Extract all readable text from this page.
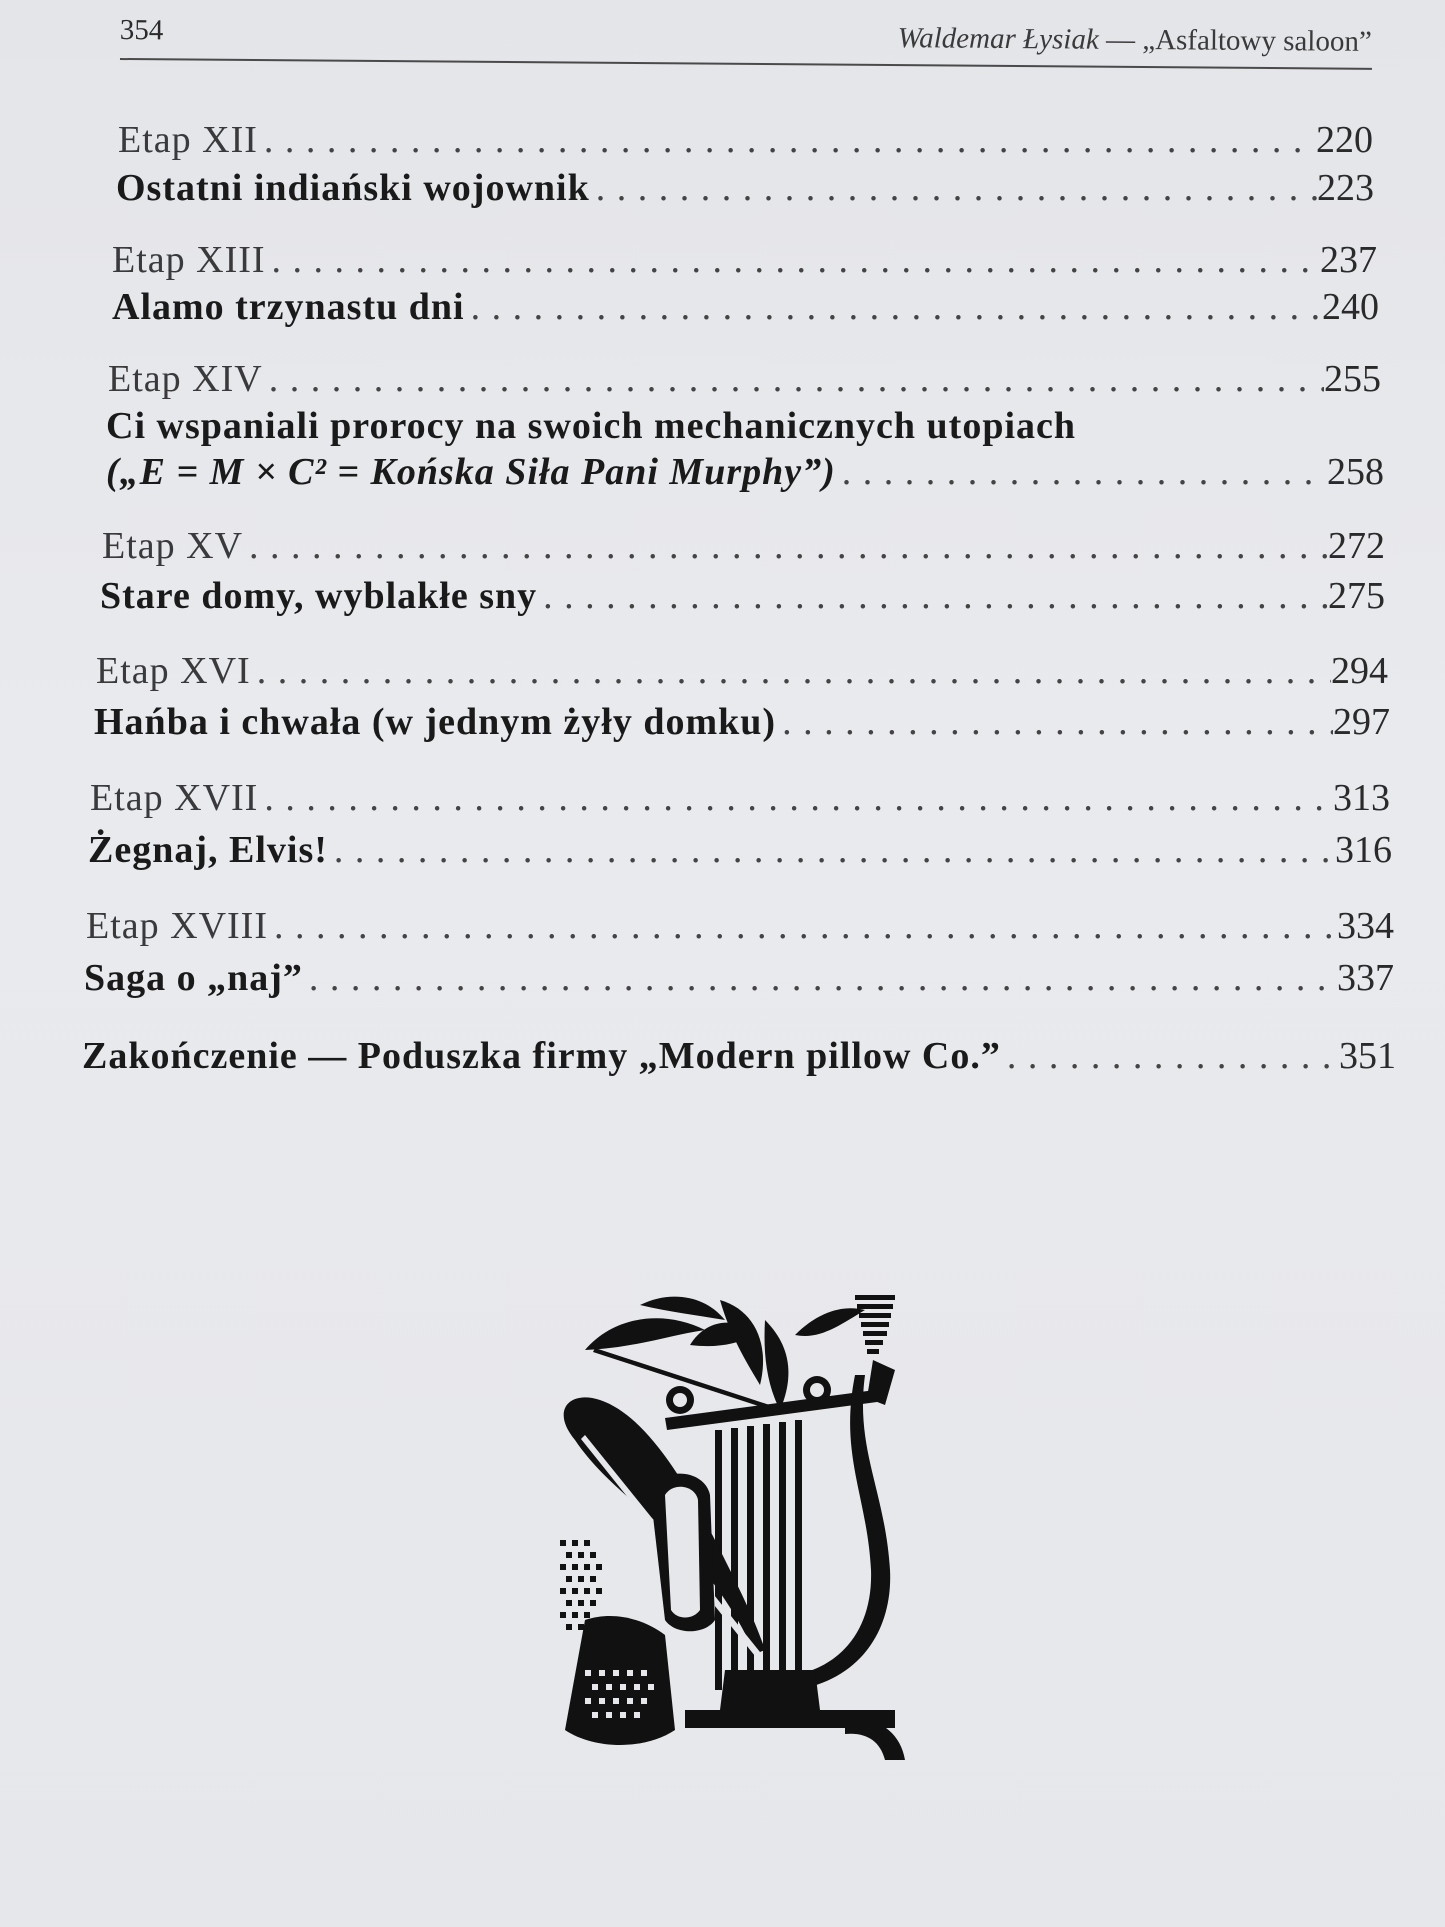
354	Waldemar Łysiak — „Asfaltowy saloon”
Etap XII . . .	220
Ostatni indiański wojownik . . .	223
Etap XIII . . .	237
Alamo trzynastu dni . . .	240
Etap XIV . . .	255
Ci wspaniali prorocy na swoich mechanicznych utopiach
(„E = M × C² = Końska Siła Pani Murphy”) . . .	258
Etap XV . . .	272
Stare domy, wyblakłe sny . . .	275
Etap XVI . . .	294
Hańba i chwała (w jednym żyły domku) . . .	297
Etap XVII . . .	313
Żegnaj, Elvis! . . .	316
Etap XVIII . . .	334
Saga o „naj” . . .	337
Zakończenie — Poduszka firmy „Modern pillow Co.” . . .	351
